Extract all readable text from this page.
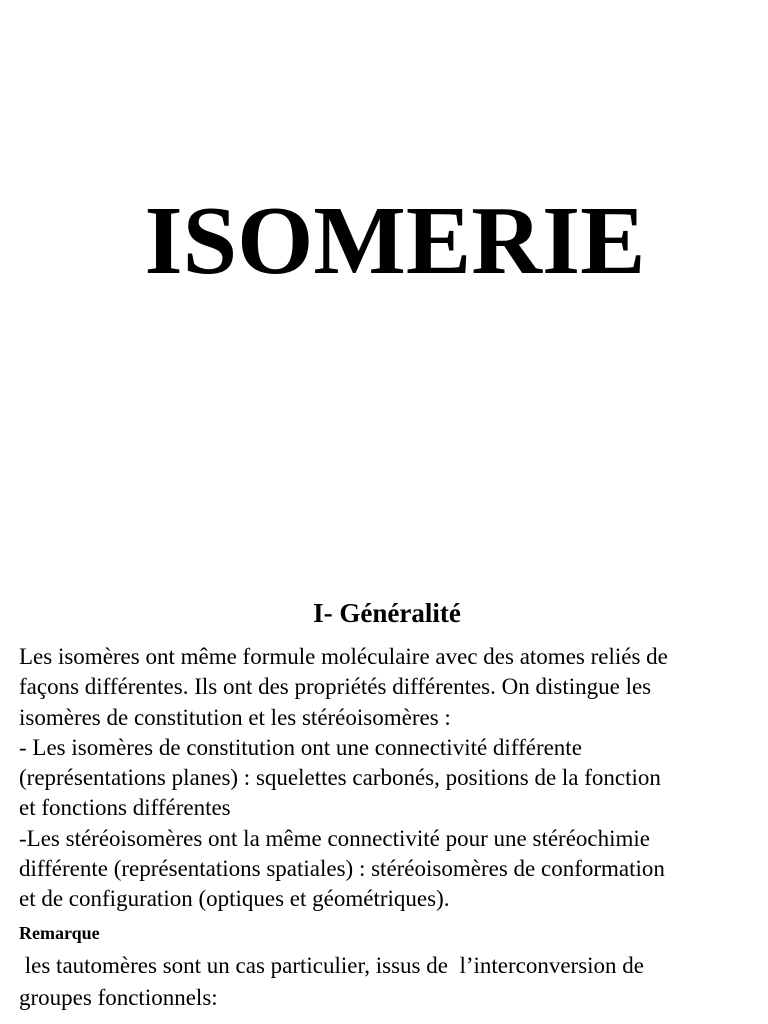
ISOMERIE
I- Généralité

Les isomères ont même formule moléculaire avec des atomes reliés de
façons différentes. Ils ont des propriétés différentes. On distingue les
isomères de constitution et les stéréoisomères :
- Les isomères de constitution ont une connectivité différente
(représentations planes) : squelettes carbonés, positions de la fonction
et fonctions différentes
-Les stéréoisomères ont la même connectivité pour une stéréochimie
différente (représentations spatiales) : stéréoisomères de conformation
et de configuration (optiques et géométriques).

Remarque

les tautomères sont un cas particulier, issus de  l’interconversion de
groupes fonctionnels:
